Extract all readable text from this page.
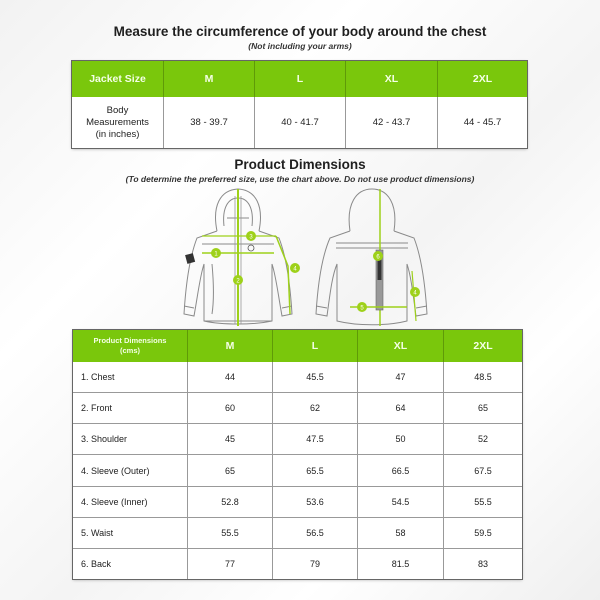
Measure the circumference of your body around the chest
(Not including your arms)
Jacket Size	M	L	XL	2XL

Body
Measurements
(in inches)	38 - 39.7	40 - 41.7	42 - 43.7	44 - 45.7
Product Dimensions
(To determine the preferred size, use the chart above. Do not use product dimensions)
1
2
3
4
6
5
4
Product Dimensions
(cms)	M	L	XL	2XL
1. Chest	44	45.5	47	48.5
2. Front	60	62	64	65
3. Shoulder	45	47.5	50	52
4. Sleeve (Outer)	65	65.5	66.5	67.5
4. Sleeve (Inner)	52.8	53.6	54.5	55.5
5. Waist	55.5	56.5	58	59.5
6. Back	77	79	81.5	83
